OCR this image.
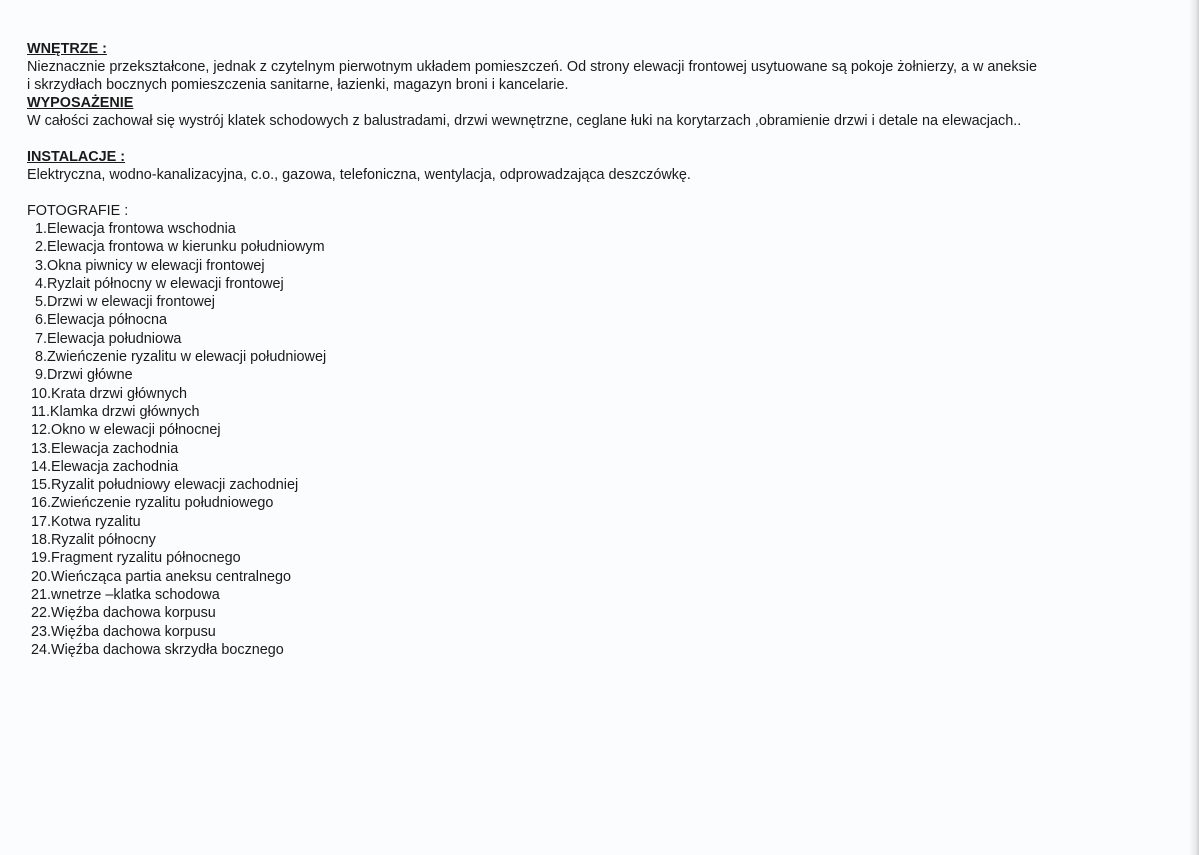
WNĘTRZE :
Nieznacznie przekształcone, jednak z czytelnym pierwotnym układem pomieszczeń. Od strony elewacji frontowej usytuowane są pokoje żołnierzy, a w aneksie
i skrzydłach bocznych pomieszczenia sanitarne, łazienki, magazyn broni i kancelarie.
WYPOSAŻENIE
W całości zachował się wystrój klatek schodowych z balustradami, drzwi wewnętrzne, ceglane łuki na korytarzach ,obramienie drzwi i detale na elewacjach..
INSTALACJE :
Elektryczna, wodno-kanalizacyjna, c.o., gazowa, telefoniczna, wentylacja, odprowadzająca deszczówkę.
FOTOGRAFIE :
1.Elewacja frontowa wschodnia
2.Elewacja frontowa w kierunku południowym
3.Okna piwnicy w elewacji frontowej
4.Ryzlait północny w elewacji frontowej
5.Drzwi w elewacji frontowej
6.Elewacja północna
7.Elewacja południowa
8.Zwieńczenie ryzalitu w elewacji południowej
9.Drzwi główne
10.Krata drzwi głównych
11.Klamka drzwi głównych
12.Okno w elewacji północnej
13.Elewacja zachodnia
14.Elewacja zachodnia
15.Ryzalit południowy elewacji zachodniej
16.Zwieńczenie ryzalitu południowego
17.Kotwa ryzalitu
18.Ryzalit północny
19.Fragment ryzalitu północnego
20.Wieńcząca partia aneksu centralnego
21.wnetrze –klatka schodowa
22.Więźba dachowa korpusu
23.Więźba dachowa korpusu
24.Więźba dachowa skrzydła bocznego
